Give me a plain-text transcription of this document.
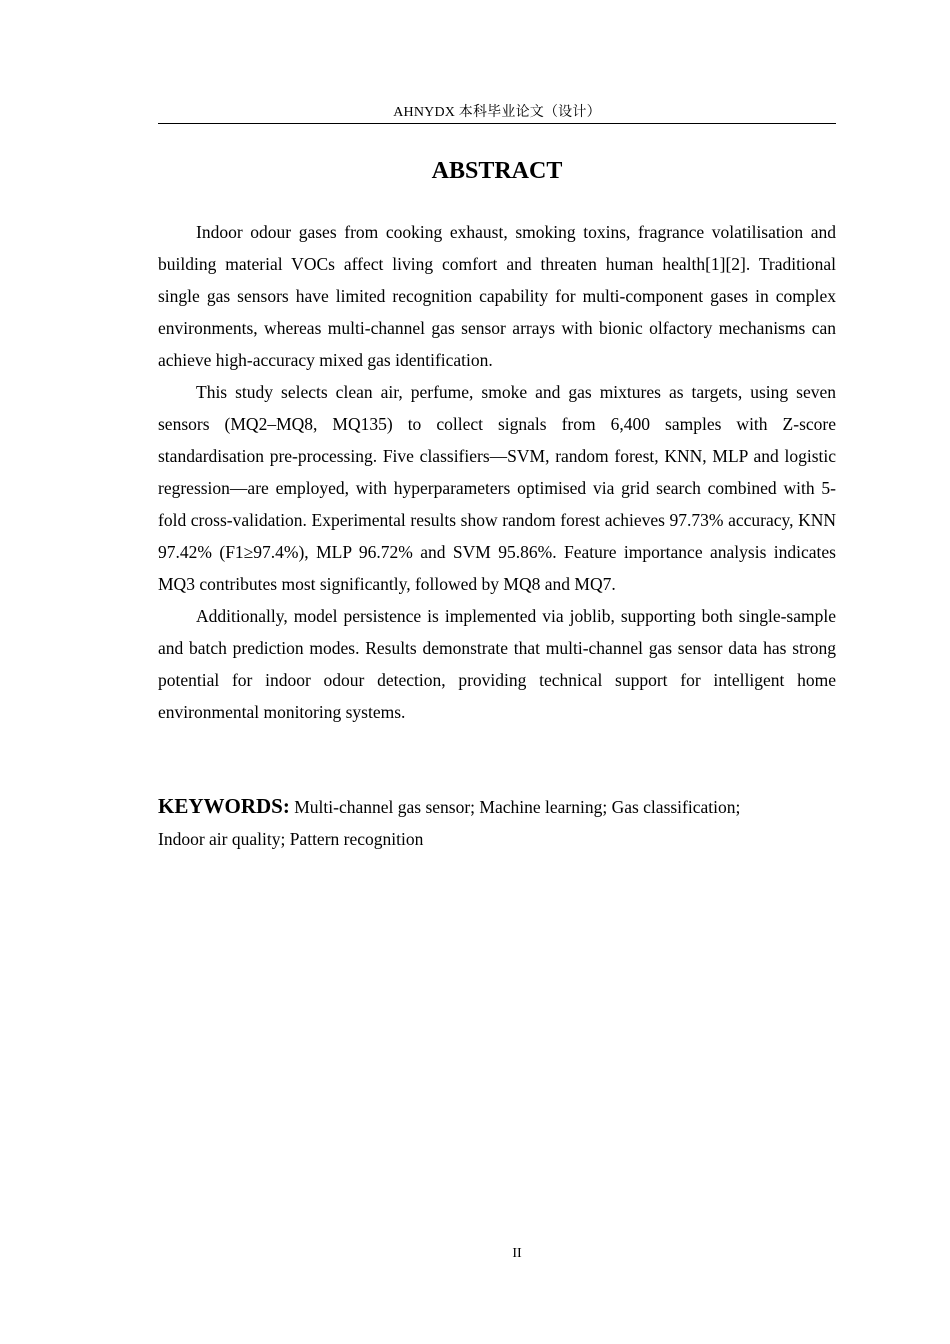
AHNYDX 本科毕业论文（设计）
ABSTRACT

Indoor odour gases from cooking exhaust, smoking toxins, fragrance volatilisation and building material VOCs affect living comfort and threaten human health[1][2]. Traditional single gas sensors have limited recognition capability for multi-component gases in complex environments, whereas multi-channel gas sensor arrays with bionic olfactory mechanisms can achieve high-accuracy mixed gas identification.

This study selects clean air, perfume, smoke and gas mixtures as targets, using seven sensors (MQ2–MQ8, MQ135) to collect signals from 6,400 samples with Z-score standardisation pre-processing. Five classifiers—SVM, random forest, KNN, MLP and logistic regression—are employed, with hyperparameters optimised via grid search combined with 5-fold cross-validation. Experimental results show random forest achieves 97.73% accuracy, KNN 97.42% (F1≥97.4%), MLP 96.72% and SVM 95.86%. Feature importance analysis indicates MQ3 contributes most significantly, followed by MQ8 and MQ7.

Additionally, model persistence is implemented via joblib, supporting both single-sample and batch prediction modes. Results demonstrate that multi-channel gas sensor data has strong potential for indoor odour detection, providing technical support for intelligent home environmental monitoring systems.

KEYWORDS: Multi-channel gas sensor; Machine learning; Gas classification;
Indoor air quality; Pattern recognition

II
